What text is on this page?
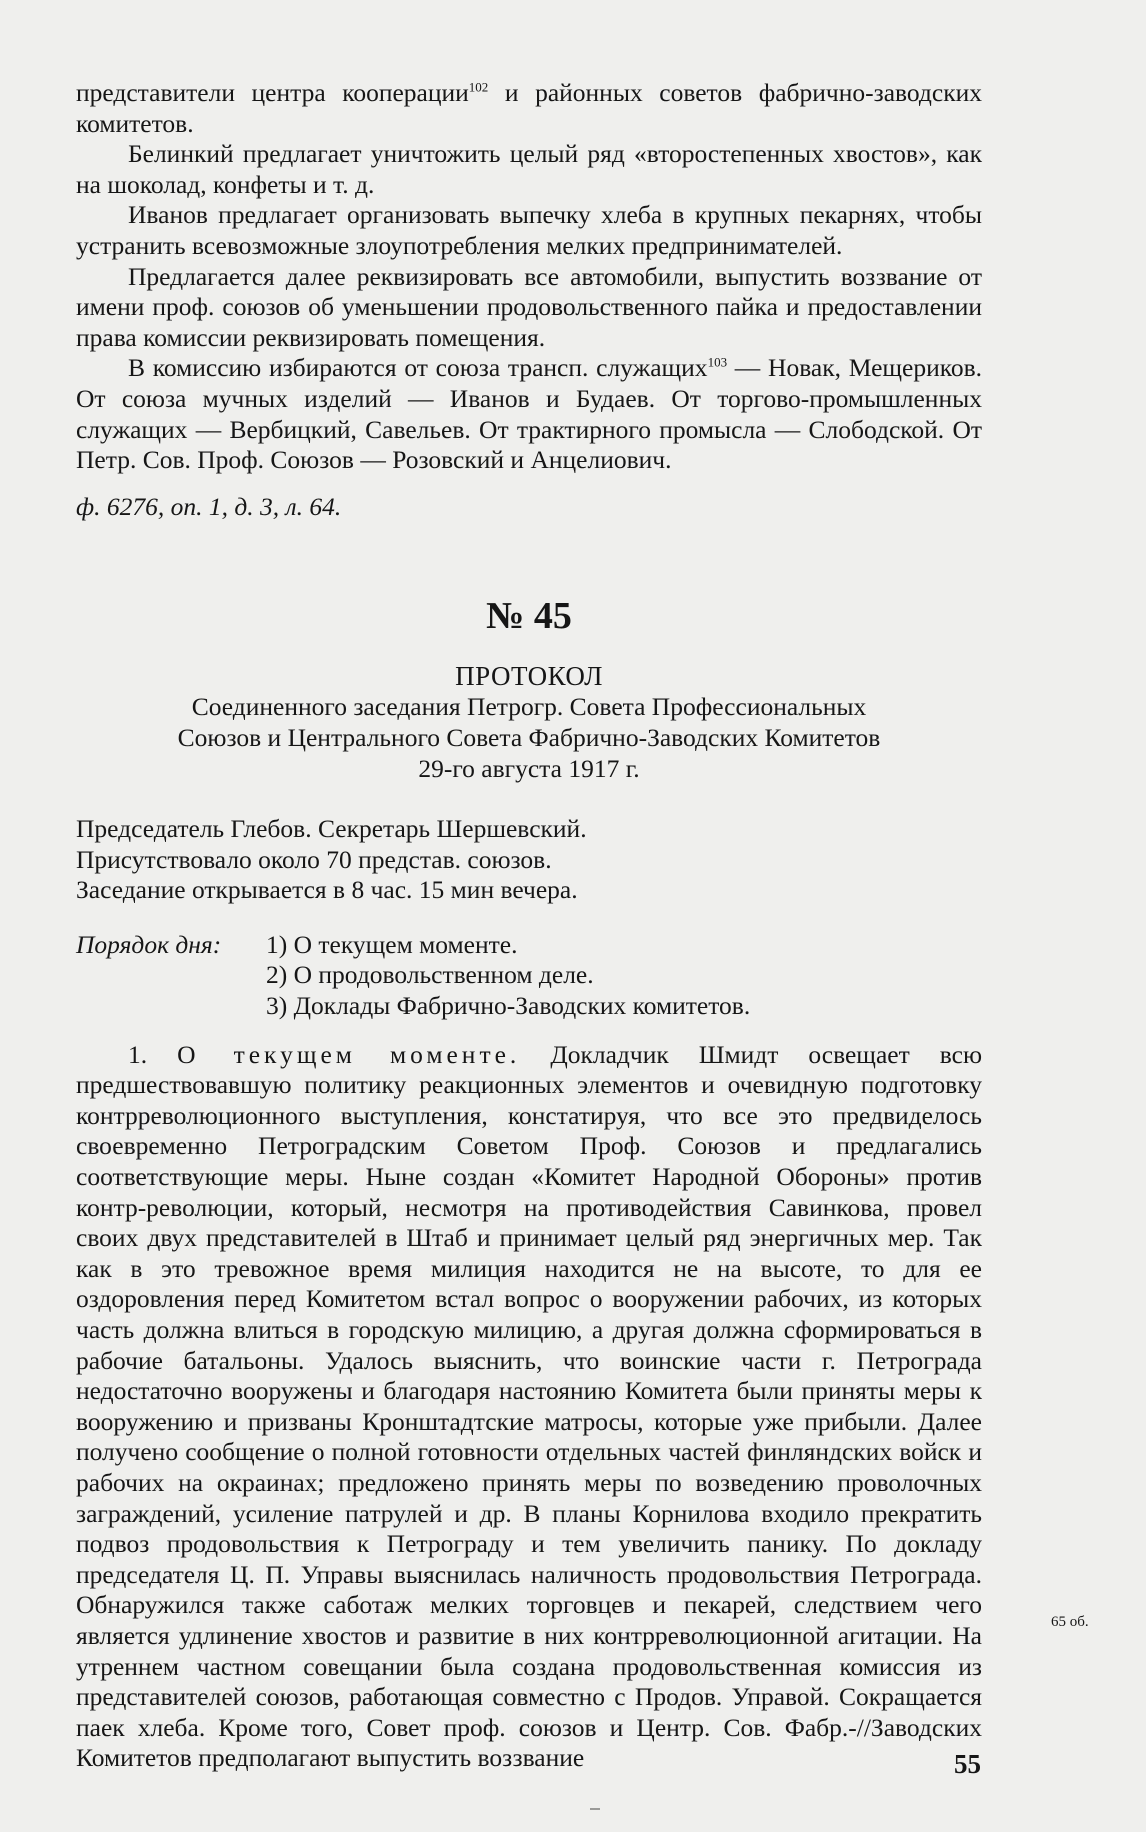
представители центра кооперации$^{102}$ и районных советов фабрично-заводских комитетов.

Белинкий предлагает уничтожить целый ряд «второстепенных хвостов», как на шоколад, конфеты и т. д.

Иванов предлагает организовать выпечку хлеба в крупных пекарнях, чтобы устранить всевозможные злоупотребления мелких предпринимателей.

Предлагается далее реквизировать все автомобили, выпустить воззвание от имени проф. союзов об уменьшении продовольственного пайка и предоставлении права комиссии реквизировать помещения.

В комиссию избираются от союза трансп. служащих$^{103}$ — Новак, Мещериков. От союза мучных изделий — Иванов и Будаев. От торгово-промышленных служащих — Вербицкий, Савельев. От трактирного промысла — Слободской. От Петр. Сов. Проф. Союзов — Розовский и Анцелиович.

ф. 6276, оп. 1, д. 3, л. 64.

№ 45
ПРОТОКОЛ
Соединенного заседания Петрогр. Совета Профессиональных
Союзов и Центрального Совета Фабрично-Заводских Комитетов
29-го августа 1917 г.

Председатель Глебов. Секретарь Шершевский.

Присутствовало около 70 представ. союзов.

Заседание открывается в 8 час. 15 мин вечера.

Порядок дня:	1) О текущем моменте.
2) О продовольственном деле.
3) Доклады Фабрично-Заводских комитетов.

1. О текущем моменте. Докладчик Шмидт освещает всю предшествовавшую политику реакционных элементов и очевидную подготовку контрреволюционного выступления, констатируя, что все это предвиделось своевременно Петроградским Советом Проф. Союзов и предлагались соответствующие меры. Ныне создан «Комитет Народной Обороны» против контр-революции, который, несмотря на противодействия Савинкова, провел своих двух представителей в Штаб и принимает целый ряд энергичных мер. Так как в это тревожное время милиция находится не на высоте, то для ее оздоровления перед Комитетом встал вопрос о вооружении рабочих, из которых часть должна влиться в городскую милицию, а другая должна сформироваться в рабочие батальоны. Удалось выяснить, что воинские части г. Петрограда недостаточно вооружены и благодаря настоянию Комитета были приняты меры к вооружению и призваны Кронштадтские матросы, которые уже прибыли. Далее получено сообщение о полной готовности отдельных частей финляндских войск и рабочих на окраинах; предложено принять меры по возведению проволочных заграждений, усиление патрулей и др. В планы Корнилова входило прекратить подвоз продовольствия к Петрограду и тем увеличить панику. По докладу председателя Ц. П. Управы выяснилась наличность продовольствия Петрограда. Обнаружился также саботаж мелких торговцев и пекарей, следствием чего является удлинение хвостов и развитие в них контрреволюционной агитации. На утреннем частном совещании была создана продовольственная комиссия из представителей союзов, работающая совместно с Продов. Управой. Сокращается паек хлеба. Кроме того, Совет проф. союзов и Центр. Сов. Фабр.-//Заводских Комитетов предполагают выпустить воззвание

65 об.
55
